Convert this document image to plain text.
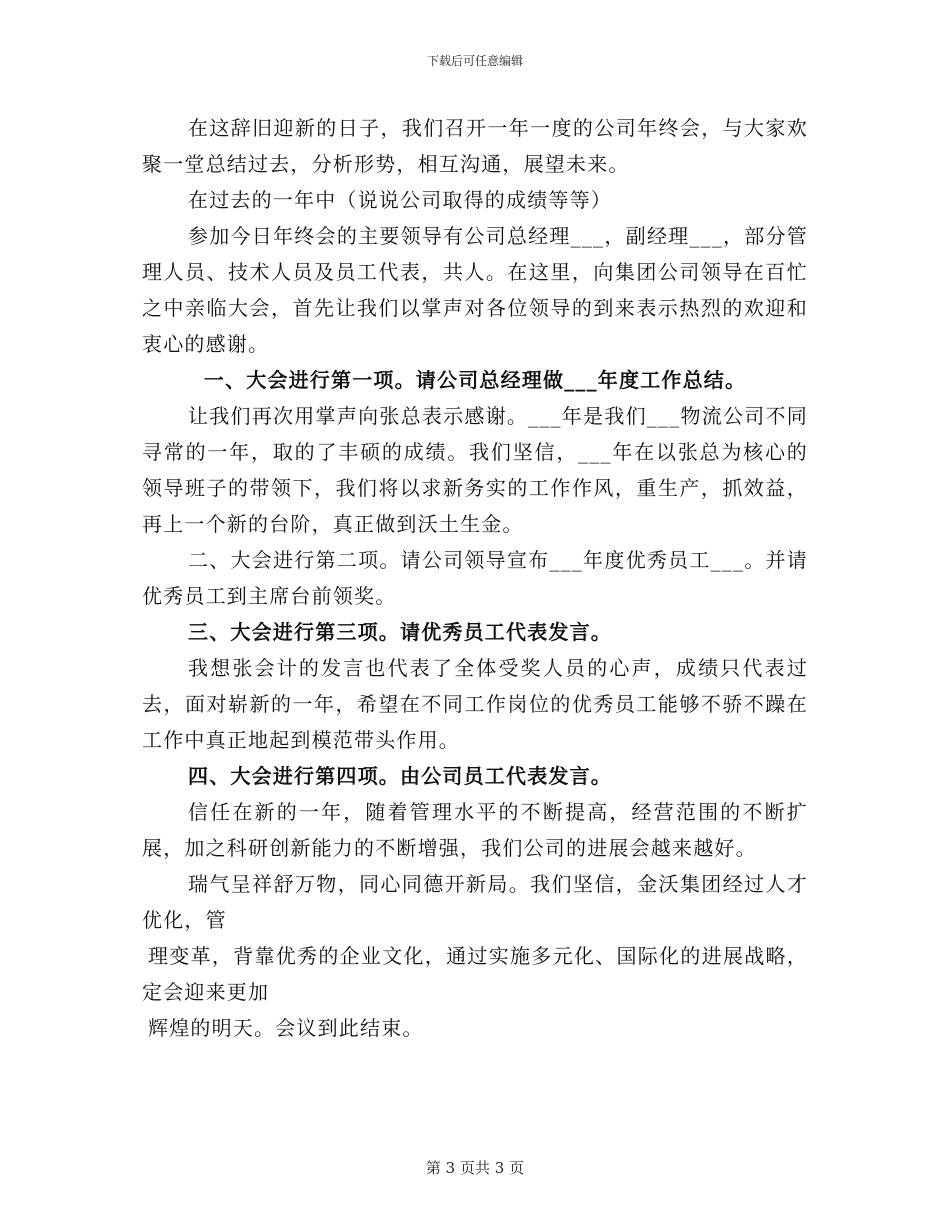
下载后可任意编辑

在这辞旧迎新的日子，我们召开一年一度的公司年终会，与大家欢聚一堂总结过去，分析形势，相互沟通，展望未来。

在过去的一年中（说说公司取得的成绩等等）

参加今日年终会的主要领导有公司总经理___，副经理___，部分管理人员、技术人员及员工代表，共人。在这里，向集团公司领导在百忙之中亲临大会，首先让我们以掌声对各位领导的到来表示热烈的欢迎和衷心的感谢。

一、大会进行第一项。请公司总经理做___年度工作总结。

让我们再次用掌声向张总表示感谢。___年是我们___物流公司不同寻常的一年，取的了丰硕的成绩。我们坚信，___年在以张总为核心的领导班子的带领下，我们将以求新务实的工作作风，重生产，抓效益，再上一个新的台阶，真正做到沃土生金。

二、大会进行第二项。请公司领导宣布___年度优秀员工___。并请优秀员工到主席台前领奖。

三、大会进行第三项。请优秀员工代表发言。

我想张会计的发言也代表了全体受奖人员的心声，成绩只代表过去，面对崭新的一年，希望在不同工作岗位的优秀员工能够不骄不躁在工作中真正地起到模范带头作用。

四、大会进行第四项。由公司员工代表发言。

信任在新的一年，随着管理水平的不断提高，经营范围的不断扩展，加之科研创新能力的不断增强，我们公司的进展会越来越好。

瑞气呈祥舒万物，同心同德开新局。我们坚信，金沃集团经过人才优化，管

理变革，背靠优秀的企业文化，通过实施多元化、国际化的进展战略，定会迎来更加

辉煌的明天。会议到此结束。

第 3 页共 3 页
